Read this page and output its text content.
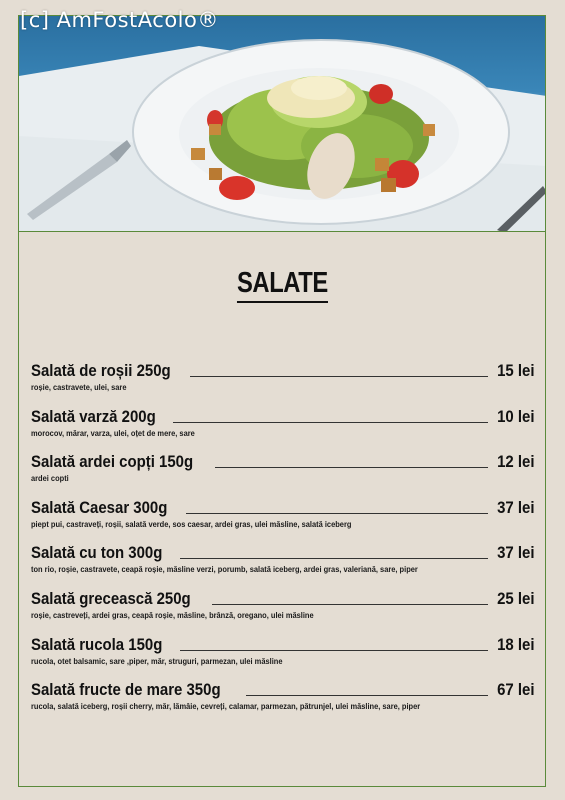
[c] AmFostAcolo®
SALATE
Salată de roșii 250g	15 lei
roșie, castravete, ulei, sare
Salată varză 200g	10 lei
morocov, mărar, varza, ulei, oțet de mere, sare
Salată ardei copți 150g	12 lei
ardei copti
Salată Caesar 300g	37 lei
piept pui, castraveți, roșii, salată verde, sos caesar, ardei gras, ulei măsline, salată iceberg
Salată cu ton 300g	37 lei
ton rio, roșie, castravete, ceapă roșie, măsline verzi, porumb, salată iceberg, ardei gras, valeriană, sare, piper
Salată grecească 250g	25 lei
roșie, castreveți, ardei gras, ceapă roșie, măsline, brânză, oregano, ulei măsline
Salată rucola 150g	18 lei
rucola, otet balsamic, sare ,piper, măr, struguri, parmezan, ulei măsline
Salată fructe de mare 350g	67 lei
rucola, salată iceberg, roșii cherry, măr, lămâie, cevreți, calamar, parmezan, pătrunjel, ulei măsline, sare, piper
